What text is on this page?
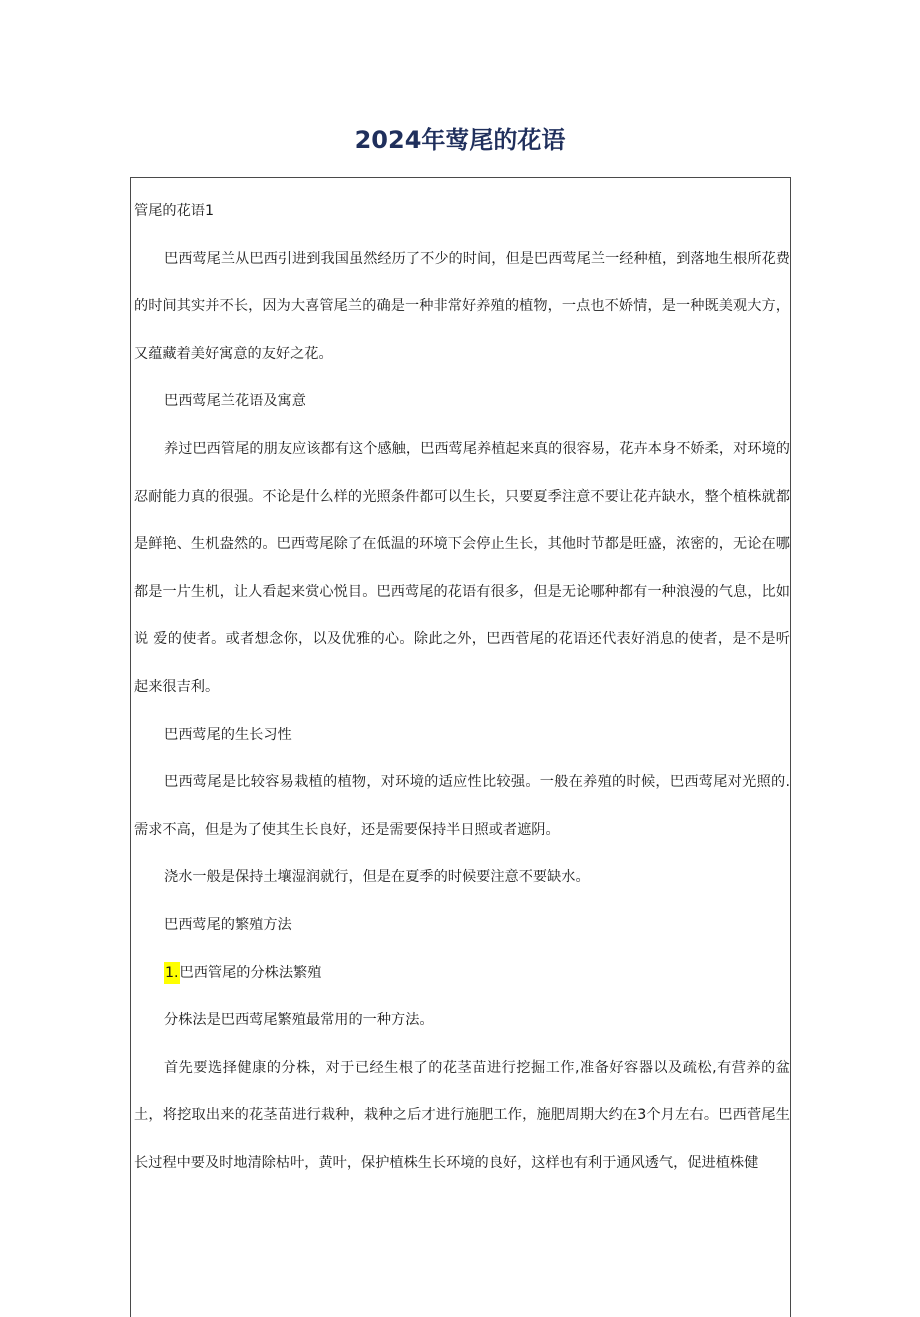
2024年莺尾的花语

管尾的花语1

巴西莺尾兰从巴西引进到我国虽然经历了不少的时间，但是巴西莺尾兰一经种植，到落地生根所花费的时间其实并不长，因为大喜管尾兰的确是一种非常好养殖的植物，一点也不娇情，是一种既美观大方，又蕴藏着美好寓意的友好之花。

巴西莺尾兰花语及寓意

养过巴西管尾的朋友应该都有这个感触，巴西莺尾养植起来真的很容易，花卉本身不娇柔，对环境的忍耐能力真的很强。不论是什么样的光照条件都可以生长，只要夏季注意不要让花卉缺水，整个植株就都是鲜艳、生机盎然的。巴西莺尾除了在低温的环境下会停止生长，其他时节都是旺盛，浓密的，无论在哪都是一片生机，让人看起来赏心悦目。巴西莺尾的花语有很多，但是无论哪种都有一种浪漫的气息，比如说 爱的使者。或者想念你，以及优雅的心。除此之外，巴西菅尾的花语还代表好消息的使者，是不是听起来很吉利。

巴西莺尾的生长习性

巴西莺尾是比较容易栽植的植物，对环境的适应性比较强。一般在养殖的时候，巴西莺尾对光照的.需求不高，但是为了使其生长良好，还是需要保持半日照或者遮阴。

浇水一般是保持土壤湿润就行，但是在夏季的时候要注意不要缺水。

巴西莺尾的繁殖方法

1.巴西管尾的分株法繁殖

分株法是巴西莺尾繁殖最常用的一种方法。

首先要选择健康的分株，对于已经生根了的花茎苗进行挖掘工作,准备好容器以及疏松,有营养的盆土，将挖取出来的花茎苗进行栽种，栽种之后才进行施肥工作，施肥周期大约在3个月左右。巴西菅尾生长过程中要及时地清除枯叶，黄叶，保护植株生长环境的良好，这样也有利于通风透气，促进植株健
